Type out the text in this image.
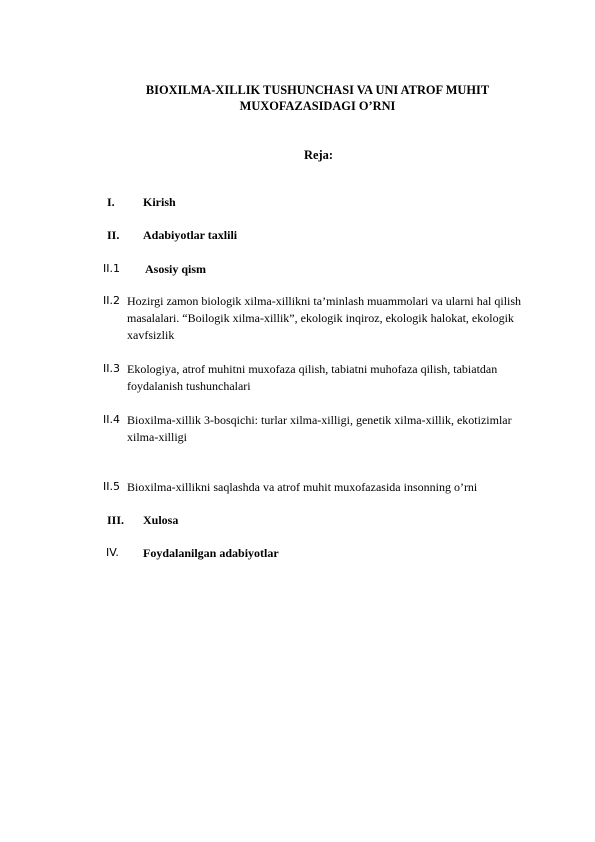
BIOXILMA-XILLIK TUSHUNCHASI VA UNI ATROF MUHIT
MUXOFAZASIDAGI O’RNI
Reja:
I. Kirish
II. Adabiyotlar taxlili
II.1 Asosiy qism
II.2 Hozirgi zamon biologik xilma-xillikni ta’minlash muammolari va ularni hal qilish masalalari. “Boilogik xilma-xillik”, ekologik inqiroz, ekologik halokat, ekologik xavfsizlik
II.3 Ekologiya, atrof muhitni muxofaza qilish, tabiatni muhofaza qilish, tabiatdan foydalanish tushunchalari
II.4 Bioxilma-xillik 3-bosqichi: turlar xilma-xilligi, genetik xilma-xillik, ekotizimlar xilma-xilligi
II.5 Bioxilma-xillikni saqlashda va atrof muhit muxofazasida insonning o’rni
III. Xulosa
IV. Foydalanilgan adabiyotlar
